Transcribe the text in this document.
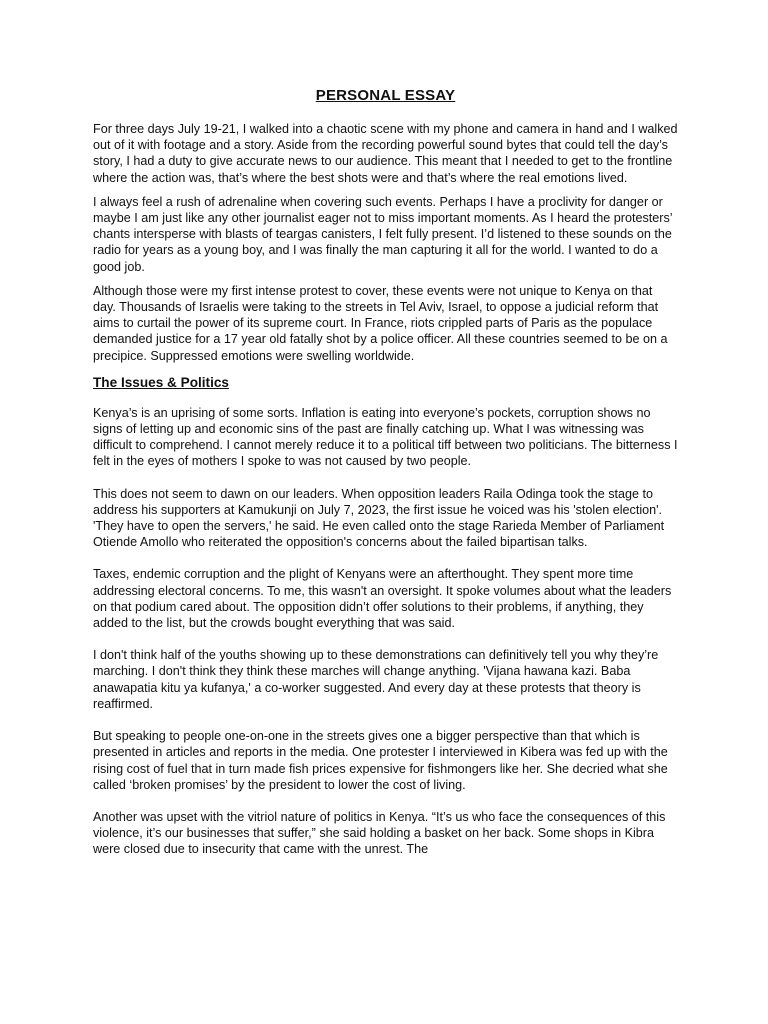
PERSONAL ESSAY

For three days July 19-21, I walked into a chaotic scene with my phone and camera in hand and I walked out of it with footage and a story. Aside from the recording powerful sound bytes that could tell the day’s story, I had a duty to give accurate news to our audience. This meant that I needed to get to the frontline where the action was, that’s where the best shots were and that’s where the real emotions lived.

I always feel a rush of adrenaline when covering such events. Perhaps I have a proclivity for danger or maybe I am just like any other journalist eager not to miss important moments. As I heard the protesters’ chants intersperse with blasts of teargas canisters, I felt fully present. I’d listened to these sounds on the radio for years as a young boy, and I was finally the man capturing it all for the world. I wanted to do a good job.

Although those were my first intense protest to cover, these events were not unique to Kenya on that day. Thousands of Israelis were taking to the streets in Tel Aviv, Israel, to oppose a judicial reform that aims to curtail the power of its supreme court. In France, riots crippled parts of Paris as the populace demanded justice for a 17 year old fatally shot by a police officer. All these countries seemed to be on a precipice. Suppressed emotions were swelling worldwide.

The Issues & Politics

Kenya’s is an uprising of some sorts. Inflation is eating into everyone’s pockets, corruption shows no signs of letting up and economic sins of the past are finally catching up. What I was witnessing was difficult to comprehend. I cannot merely reduce it to a political tiff between two politicians. The bitterness I felt in the eyes of mothers I spoke to was not caused by two people.

This does not seem to dawn on our leaders. When opposition leaders Raila Odinga took the stage to address his supporters at Kamukunji on July 7, 2023, the first issue he voiced was his 'stolen election'. 'They have to open the servers,' he said. He even called onto the stage Rarieda Member of Parliament Otiende Amollo who reiterated the opposition's concerns about the failed bipartisan talks.

Taxes, endemic corruption and the plight of Kenyans were an afterthought. They spent more time addressing electoral concerns. To me, this wasn't an oversight. It spoke volumes about what the leaders on that podium cared about. The opposition didn’t offer solutions to their problems, if anything, they added to the list, but the crowds bought everything that was said.

I don't think half of the youths showing up to these demonstrations can definitively tell you why they’re marching. I don't think they think these marches will change anything. 'Vijana hawana kazi. Baba anawapatia kitu ya kufanya,' a co-worker suggested. And every day at these protests that theory is reaffirmed.

But speaking to people one-on-one in the streets gives one a bigger perspective than that which is presented in articles and reports in the media. One protester I interviewed in Kibera was fed up with the rising cost of fuel that in turn made fish prices expensive for fishmongers like her. She decried what she called ‘broken promises’ by the president to lower the cost of living.

Another was upset with the vitriol nature of politics in Kenya. “It’s us who face the consequences of this violence, it’s our businesses that suffer,” she said holding a basket on her back. Some shops in Kibra were closed due to insecurity that came with the unrest. The
